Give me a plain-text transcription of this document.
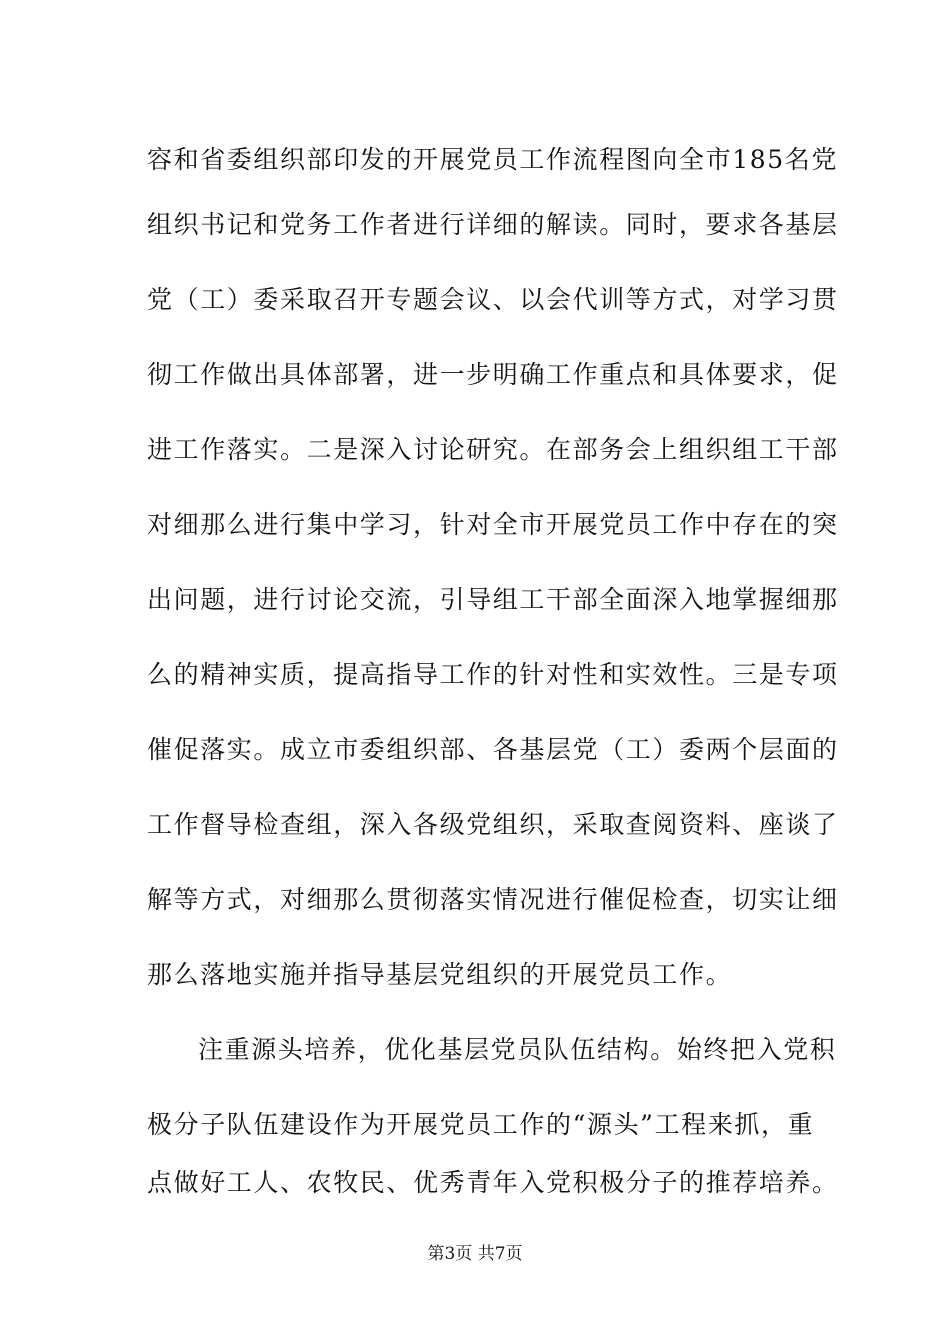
容和省委组织部印发的开展党员工作流程图向全市185名党
组织书记和党务工作者进行详细的解读。同时，要求各基层
党（工）委采取召开专题会议、以会代训等方式，对学习贯
彻工作做出具体部署，进一步明确工作重点和具体要求，促
进工作落实。二是深入讨论研究。在部务会上组织组工干部
对细那么进行集中学习，针对全市开展党员工作中存在的突
出问题，进行讨论交流，引导组工干部全面深入地掌握细那
么的精神实质，提高指导工作的针对性和实效性。三是专项
催促落实。成立市委组织部、各基层党（工）委两个层面的
工作督导检查组，深入各级党组织，采取查阅资料、座谈了
解等方式，对细那么贯彻落实情况进行催促检查，切实让细
那么落地实施并指导基层党组织的开展党员工作。
注重源头培养，优化基层党员队伍结构。始终把入党积
极分子队伍建设作为开展党员工作的“源头”工程来抓，重
点做好工人、农牧民、优秀青年入党积极分子的推荐培养。
第3页 共7页
